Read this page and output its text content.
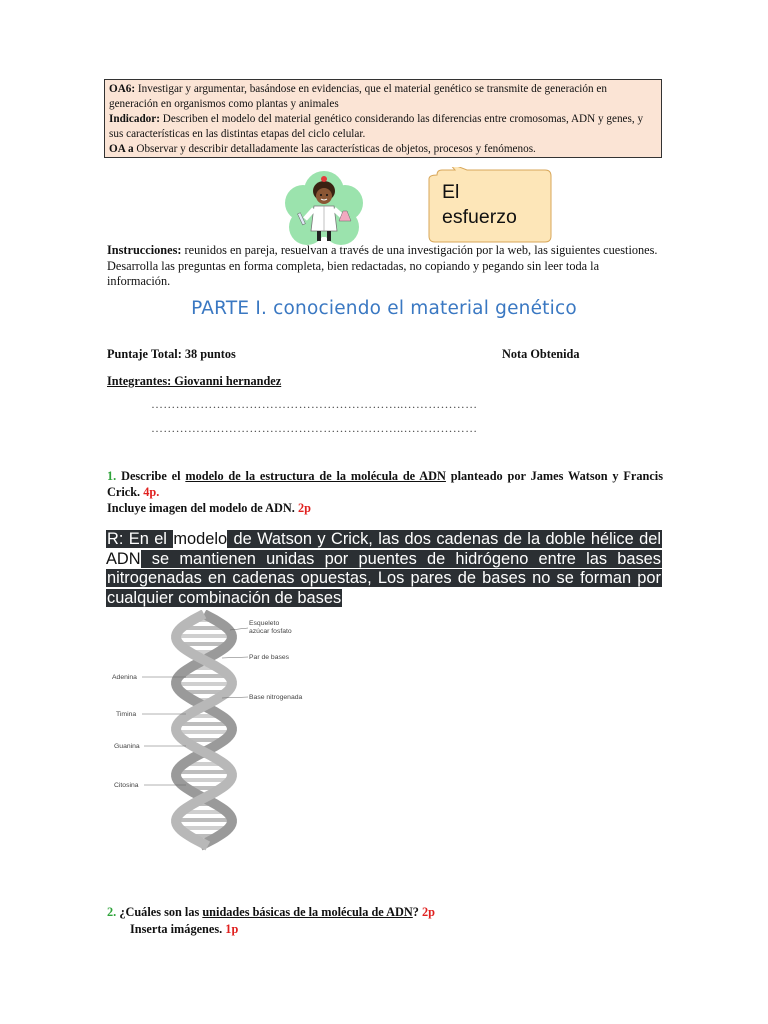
OA6: Investigar y argumentar, basándose en evidencias, que el material genético se transmite de generación en generación en organismos como plantas y animales

Indicador: Describen el modelo del material genético considerando las diferencias entre cromosomas, ADN y genes, y sus características en las distintas etapas del ciclo celular.

OA a Observar y describir detalladamente las características de objetos, procesos y fenómenos.

El
esfuerzo
Instrucciones: reunidos en pareja, resuelvan a través de una investigación por la web, las siguientes cuestiones. Desarrolla las preguntas en forma completa, bien redactadas, no copiando y pegando sin leer toda la información.
PARTE I. conociendo el material genético
Puntaje Total: 38 puntos	Nota Obtenida
Integrantes: Giovanni hernandez
……………………………………………………..………………
……………………………………………………..………………
1. Describe el modelo de la estructura de la molécula de ADN planteado por James Watson y Francis Crick. 4p.
Incluye imagen del modelo de ADN. 2p
R: En el modelo de Watson y Crick, las dos cadenas de la doble hélice del ADN se mantienen unidas por puentes de hidrógeno entre las bases nitrogenadas en cadenas opuestas, Los pares de bases no se forman por cualquier combinación de bases
Adenina
Timina
Guanina
Citosina
Esqueleto
azúcar fosfato
Par de bases
Base nitrogenada
2. ¿Cuáles son las unidades básicas de la molécula de ADN? 2p
Inserta imágenes. 1p
